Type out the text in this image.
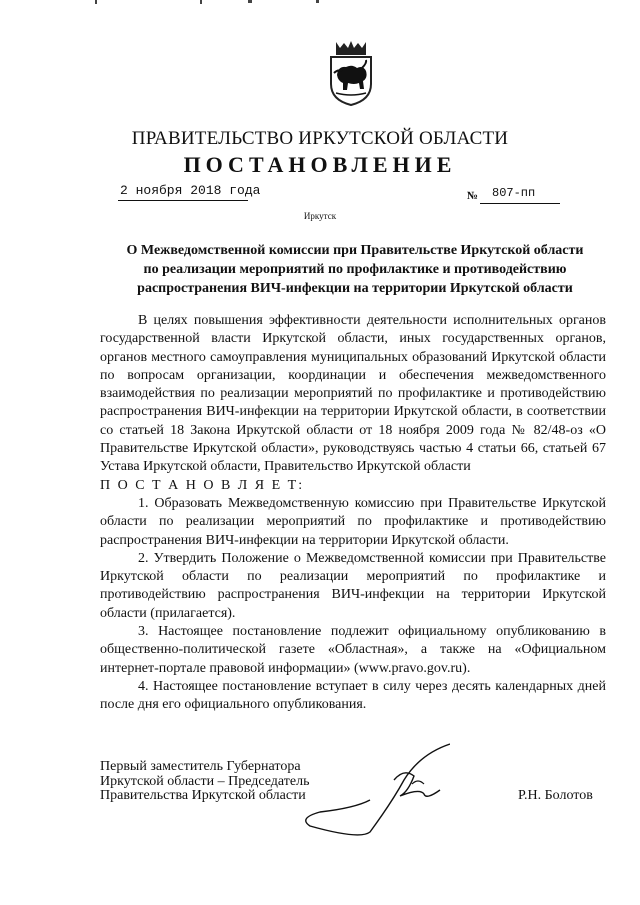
ПРАВИТЕЛЬСТВО ИРКУТСКОЙ ОБЛАСТИ
ПОСТАНОВЛЕНИЕ
2 ноября 2018 года	№ 807-пп
Иркутск
О Межведомственной комиссии при Правительстве Иркутской области
по реализации мероприятий по профилактике и противодействию
распространения ВИЧ-инфекции на территории Иркутской области

В целях повышения эффективности деятельности исполнительных органов государственной власти Иркутской области, иных государственных органов, органов местного самоуправления муниципальных образований Иркутской области по вопросам организации, координации и обеспечения межведомственного взаимодействия по реализации мероприятий по профилактике и противодействию распространения ВИЧ-инфекции на территории Иркутской области, в соответствии со статьей 18 Закона Иркутской области от 18 ноября 2009 года № 82/48-оз «О Правительстве Иркутской области», руководствуясь частью 4 статьи 66, статьей 67 Устава Иркутской области, Правительство Иркутской области

П О С Т А Н О В Л Я Е Т:

1. Образовать Межведомственную комиссию при Правительстве Иркутской области по реализации мероприятий по профилактике и противодействию распространения ВИЧ-инфекции на территории Иркутской области.

2. Утвердить Положение о Межведомственной комиссии при Правительстве Иркутской области по реализации мероприятий по профилактике и противодействию распространения ВИЧ-инфекции на территории Иркутской области (прилагается).

3. Настоящее постановление подлежит официальному опубликованию в общественно-политической газете «Областная», а также на «Официальном интернет-портале правовой информации» (www.pravo.gov.ru).

4. Настоящее постановление вступает в силу через десять календарных дней после дня его официального опубликования.

Первый заместитель Губернатора
Иркутской области – Председатель
Правительства Иркутской области	Р.Н. Болотов
